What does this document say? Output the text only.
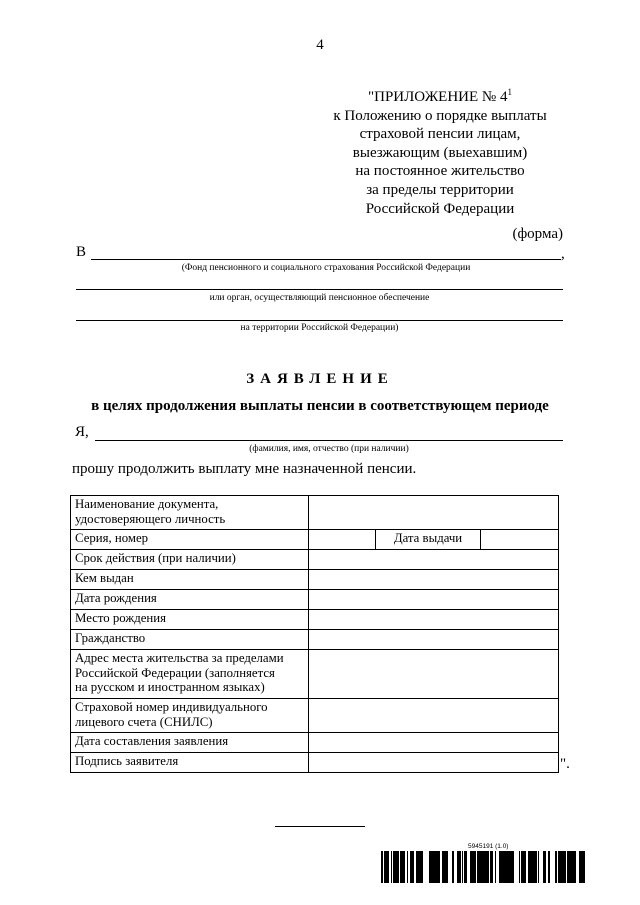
4
"ПРИЛОЖЕНИЕ № $4^1$
к Положению о порядке выплаты
страховой пенсии лицам,
выезжающим (выехавшим)
на постоянное жительство
за пределы территории
Российской Федерации
(форма)
В	,
(Фонд пенсионного и социального страхования Российской Федерации
или орган, осуществляющий пенсионное обеспечение
на территории Российской Федерации)
ЗАЯВЛЕНИЕ
в целях продолжения выплаты пенсии в соответствующем периоде
Я,
(фамилия, имя, отчество (при наличии)
прошу продолжить выплату мне назначенной пенсии.
Наименование документа,
удостоверяющего личность			
Серия, номер		Дата выдачи	
Срок действия (при наличии)			
Кем выдан			
Дата рождения			
Место рождения			
Гражданство			
Адрес места жительства за пределами
Российской Федерации (заполняется
на русском и иностранном языках)			
Страховой номер индивидуального
лицевого счета (СНИЛС)			
Дата составления заявления			
Подпись заявителя				".
5945191 (1.0)
